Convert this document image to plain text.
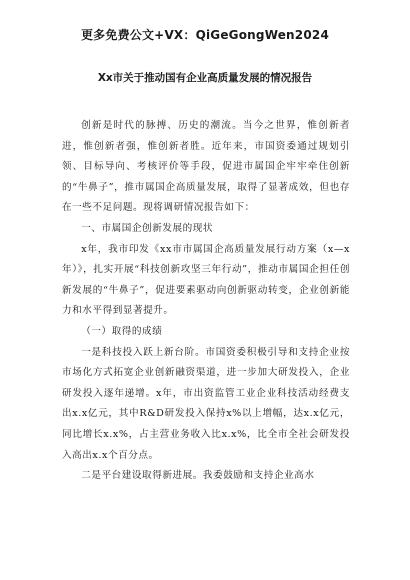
更多免费公文+VX：QiGeGongWen2024
Xx市关于推动国有企业高质量发展的情况报告

创新是时代的脉搏、历史的潮流。当今之世界，惟创新者进，惟创新者强，惟创新者胜。近年来，市国资委通过规划引领、目标导向、考核评价等手段，促进市属国企牢牢牵住创新的“牛鼻子”，推市属国企高质量发展，取得了显著成效，但也存在一些不足问题。现将调研情况报告如下：

一、市属国企创新发展的现状

x年，我市印发《xx市市属国企高质量发展行动方案（x—x年）》，扎实开展“科技创新攻坚三年行动”，推动市属国企担任创新发展的“牛鼻子”，促进要素驱动向创新驱动转变，企业创新能力和水平得到显著提升。

（一）取得的成绩

一是科技投入跃上新台阶。市国资委积极引导和支持企业按市场化方式拓宽企业创新融资渠道，进一步加大研发投入，企业研发投入逐年递增。x年，市出资监管工业企业科技活动经费支出x.x亿元，其中R&D研发投入保持x%以上增幅，达x.x亿元，同比增长x.x%，占主营业务收入比x.x%，比全市全社会研发投入高出x.x个百分点。

二是平台建设取得新进展。我委鼓励和支持企业高水
